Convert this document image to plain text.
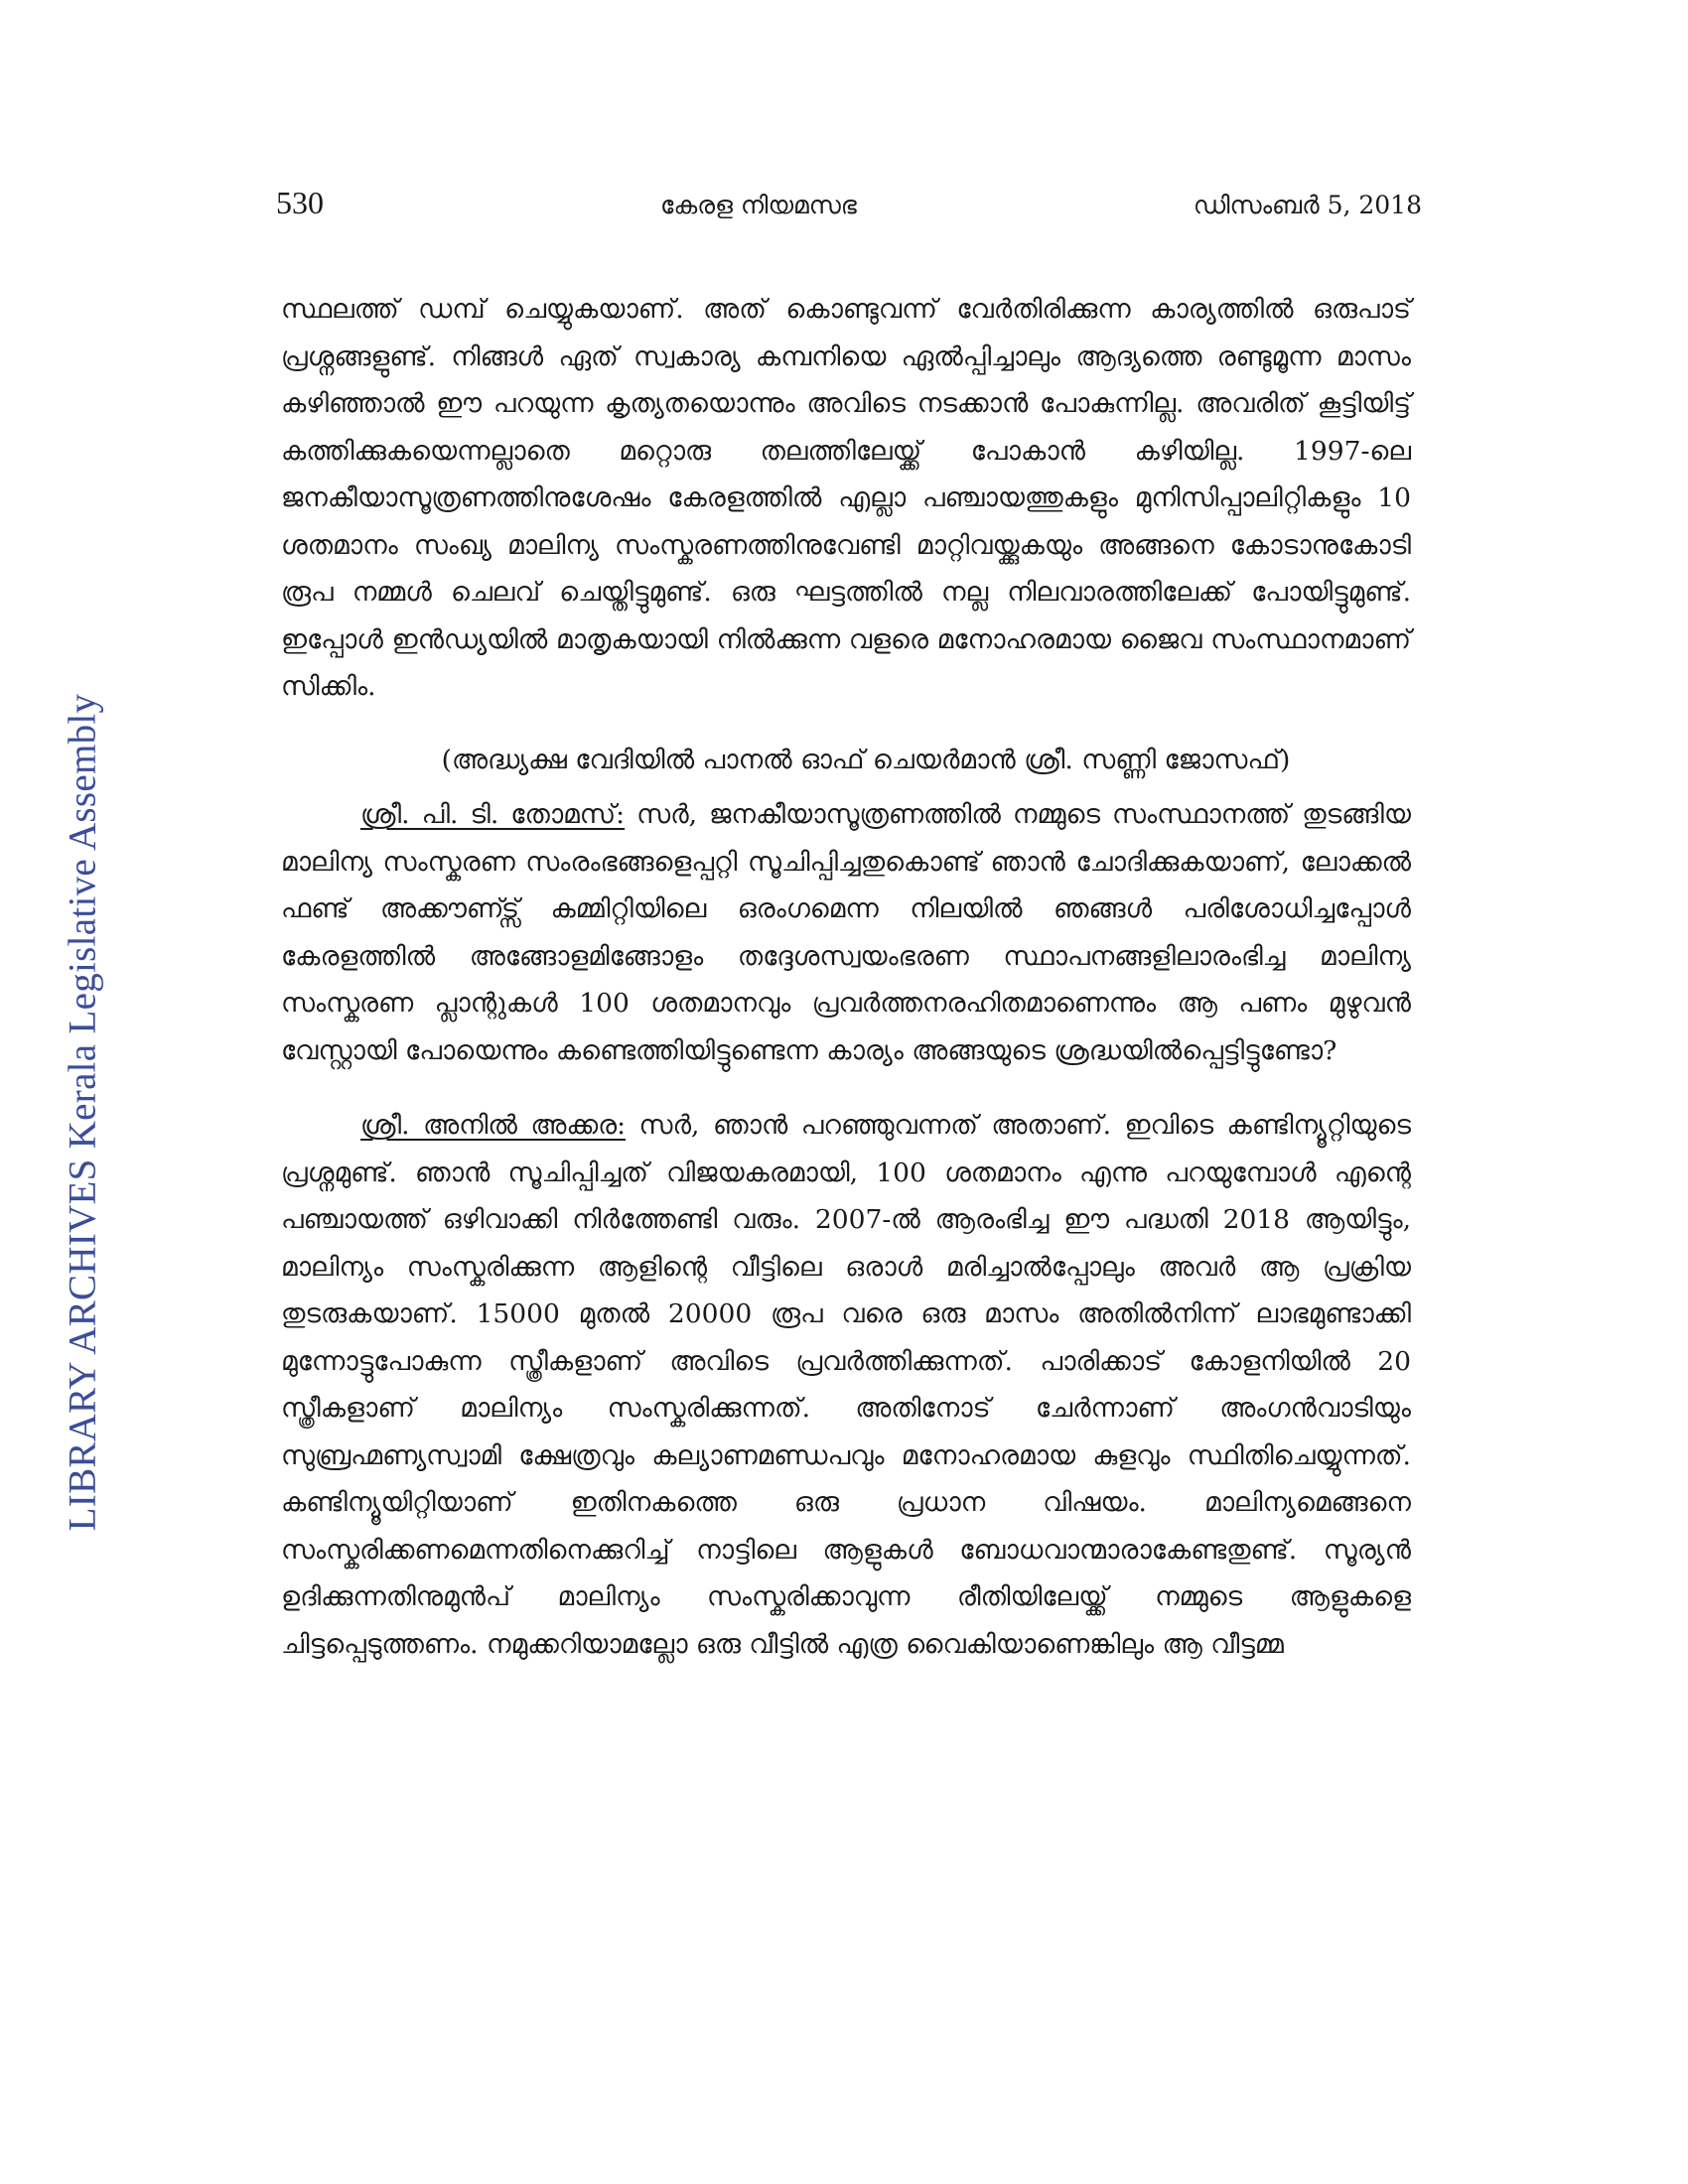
LIBRARY ARCHIVES Kerala Legislative Assembly
530	കേരള നിയമസഭ	ഡിസംബർ 5, 2018

സ്ഥലത്ത് ഡമ്പ് ചെയ്യുകയാണ്. അത് കൊണ്ടുവന്ന് വേർതിരിക്കുന്ന കാര്യത്തിൽ ഒരുപാട് പ്രശ്നങ്ങളുണ്ട്. നിങ്ങൾ ഏത് സ്വകാര്യ കമ്പനിയെ ഏൽപ്പിച്ചാലും ആദ്യത്തെ രണ്ടുമൂന്ന മാസം കഴിഞ്ഞാൽ ഈ പറയുന്ന കൃത്യതയൊന്നും അവിടെ നടക്കാൻ പോകുന്നില്ല. അവരിത് കൂട്ടിയിട്ട് കത്തിക്കുകയെന്നല്ലാതെ മറ്റൊരു തലത്തിലേയ്ക്ക് പോകാൻ കഴിയില്ല. 1997-ലെ ജനകീയാസൂത്രണത്തിനുശേഷം കേരളത്തിൽ എല്ലാ പഞ്ചായത്തുകളും മുനിസിപ്പാലിറ്റികളും 10 ശതമാനം സംഖ്യ മാലിന്യ സംസ്കരണത്തിനുവേണ്ടി മാറ്റിവയ്ക്കുകയും അങ്ങനെ കോടാനുകോടി രൂപ നമ്മൾ ചെലവ് ചെയ്തിട്ടുമുണ്ട്. ഒരു ഘട്ടത്തിൽ നല്ല നിലവാരത്തിലേക്ക് പോയിട്ടുമുണ്ട്. ഇപ്പോൾ ഇൻഡ്യയിൽ മാതൃകയായി നിൽക്കുന്ന വളരെ മനോഹരമായ ജൈവ സംസ്ഥാനമാണ് സിക്കിം.

(അദ്ധ്യക്ഷ വേദിയിൽ പാനൽ ഓഫ് ചെയർമാൻ ശ്രീ. സണ്ണി ജോസഫ്)

ശ്രീ. പി. ടി. തോമസ്: സർ, ജനകീയാസൂത്രണത്തിൽ നമ്മുടെ സംസ്ഥാനത്ത് തുടങ്ങിയ മാലിന്യ സംസ്കരണ സംരംഭങ്ങളെപ്പറ്റി സൂചിപ്പിച്ചതുകൊണ്ട് ഞാൻ ചോദിക്കുകയാണ്, ലോക്കൽ ഫണ്ട് അക്കൗണ്ട്സ് കമ്മിറ്റിയിലെ ഒരംഗമെന്ന നിലയിൽ ഞങ്ങൾ പരിശോധിച്ചപ്പോൾ കേരളത്തിൽ അങ്ങോളമിങ്ങോളം തദ്ദേശസ്വയംഭരണ സ്ഥാപനങ്ങളിലാരംഭിച്ച മാലിന്യ സംസ്കരണ പ്ലാന്റുകൾ 100 ശതമാനവും പ്രവർത്തനരഹിതമാണെന്നും ആ പണം മുഴുവൻ വേസ്റ്റായി പോയെന്നും കണ്ടെത്തിയിട്ടുണ്ടെന്ന കാര്യം അങ്ങയുടെ ശ്രദ്ധയിൽപ്പെട്ടിട്ടുണ്ടോ?

ശ്രീ. അനിൽ അക്കര: സർ, ഞാൻ പറഞ്ഞുവന്നത് അതാണ്. ഇവിടെ കണ്ടിന്യൂറ്റിയുടെ പ്രശ്നമുണ്ട്. ഞാൻ സൂചിപ്പിച്ചത് വിജയകരമായി, 100 ശതമാനം എന്നു പറയുമ്പോൾ എന്റെ പഞ്ചായത്ത് ഒഴിവാക്കി നിർത്തേണ്ടി വരും. 2007-ൽ ആരംഭിച്ച ഈ പദ്ധതി 2018 ആയിട്ടും, മാലിന്യം സംസ്കരിക്കുന്ന ആളിന്റെ വീട്ടിലെ ഒരാൾ മരിച്ചാൽപ്പോലും അവർ ആ പ്രക്രിയ തുടരുകയാണ്. 15000 മുതൽ 20000 രൂപ വരെ ഒരു മാസം അതിൽനിന്ന് ലാഭമുണ്ടാക്കി മുന്നോട്ടുപോകുന്ന സ്ത്രീകളാണ് അവിടെ പ്രവർത്തിക്കുന്നത്. പാരിക്കാട് കോളനിയിൽ 20 സ്ത്രീകളാണ് മാലിന്യം സംസ്കരിക്കുന്നത്. അതിനോട് ചേർന്നാണ് അംഗൻവാടിയും സുബ്രഹ്മണ്യസ്വാമി ക്ഷേത്രവും കല്യാണമണ്ഡപവും മനോഹരമായ കുളവും സ്ഥിതിചെയ്യുന്നത്. കണ്ടിന്യൂയിറ്റിയാണ് ഇതിനകത്തെ ഒരു പ്രധാന വിഷയം. മാലിന്യമെങ്ങനെ സംസ്കരിക്കണമെന്നതിനെക്കുറിച്ച് നാട്ടിലെ ആളുകൾ ബോധവാന്മാരാകേണ്ടതുണ്ട്. സൂര്യൻ ഉദിക്കുന്നതിനുമുൻപ് മാലിന്യം സംസ്കരിക്കാവുന്ന രീതിയിലേയ്ക്ക് നമ്മുടെ ആളുകളെ ചിട്ടപ്പെടുത്തണം. നമുക്കറിയാമല്ലോ ഒരു വീട്ടിൽ എത്ര വൈകിയാണെങ്കിലും ആ വീട്ടമ്മ
